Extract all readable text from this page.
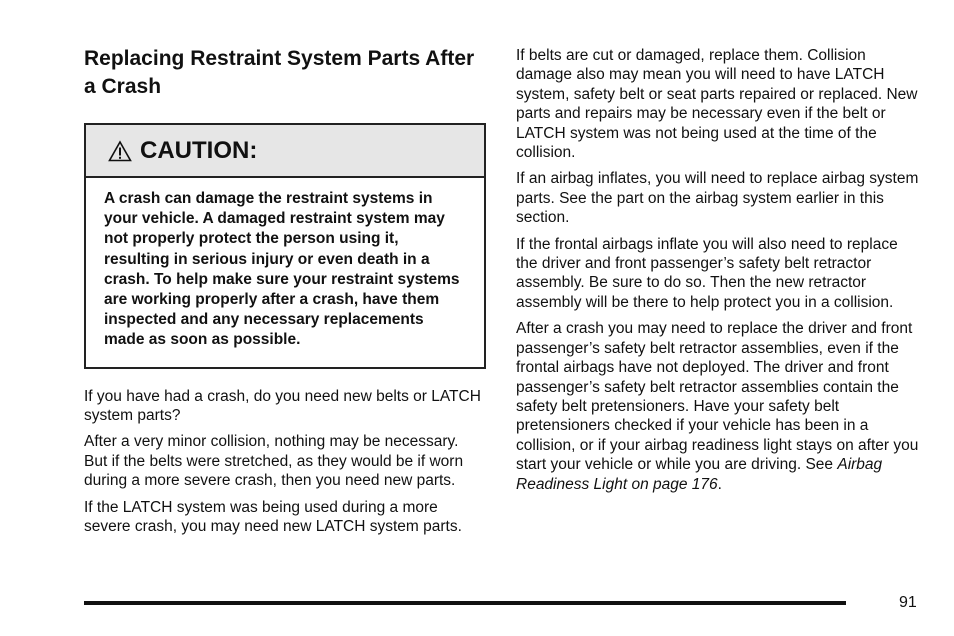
Replacing Restraint System Parts After a Crash
CAUTION:
A crash can damage the restraint systems in your vehicle. A damaged restraint system may not properly protect the person using it, resulting in serious injury or even death in a crash. To help make sure your restraint systems are working properly after a crash, have them inspected and any necessary replacements made as soon as possible.

If you have had a crash, do you need new belts or LATCH system parts?

After a very minor collision, nothing may be necessary. But if the belts were stretched, as they would be if worn during a more severe crash, then you need new parts.

If the LATCH system was being used during a more severe crash, you may need new LATCH system parts.

If belts are cut or damaged, replace them. Collision damage also may mean you will need to have LATCH system, safety belt or seat parts repaired or replaced. New parts and repairs may be necessary even if the belt or LATCH system was not being used at the time of the collision.

If an airbag inflates, you will need to replace airbag system parts. See the part on the airbag system earlier in this section.

If the frontal airbags inflate you will also need to replace the driver and front passenger’s safety belt retractor assembly. Be sure to do so. Then the new retractor assembly will be there to help protect you in a collision.

After a crash you may need to replace the driver and front passenger’s safety belt retractor assemblies, even if the frontal airbags have not deployed. The driver and front passenger’s safety belt retractor assemblies contain the safety belt pretensioners. Have your safety belt pretensioners checked if your vehicle has been in a collision, or if your airbag readiness light stays on after you start your vehicle or while you are driving. See Airbag Readiness Light on page 176.

91
